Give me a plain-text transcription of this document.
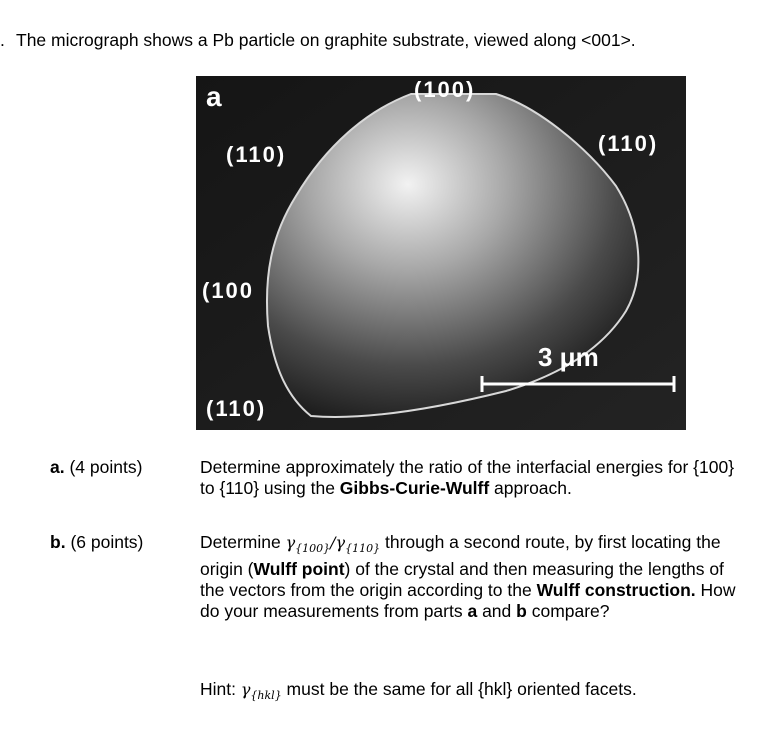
. The micrograph shows a Pb particle on graphite substrate, viewed along <001>.
a	(100)
(110)	(110)
(100
(110)
3 μm
a. (4 points)	Determine approximately the ratio of the interfacial energies for {100} to {110} using the Gibbs-Curie-Wulff approach.
b. (6 points)	Determine $\gamma_{\{100\}}/\gamma_{\{110\}}$ through a second route, by first locating the origin (Wulff point) of the crystal and then measuring the lengths of the vectors from the origin according to the Wulff construction. How do your measurements from parts a and b compare?
Hint: $\gamma_{\{hkl\}}$ must be the same for all {hkl} oriented facets.
